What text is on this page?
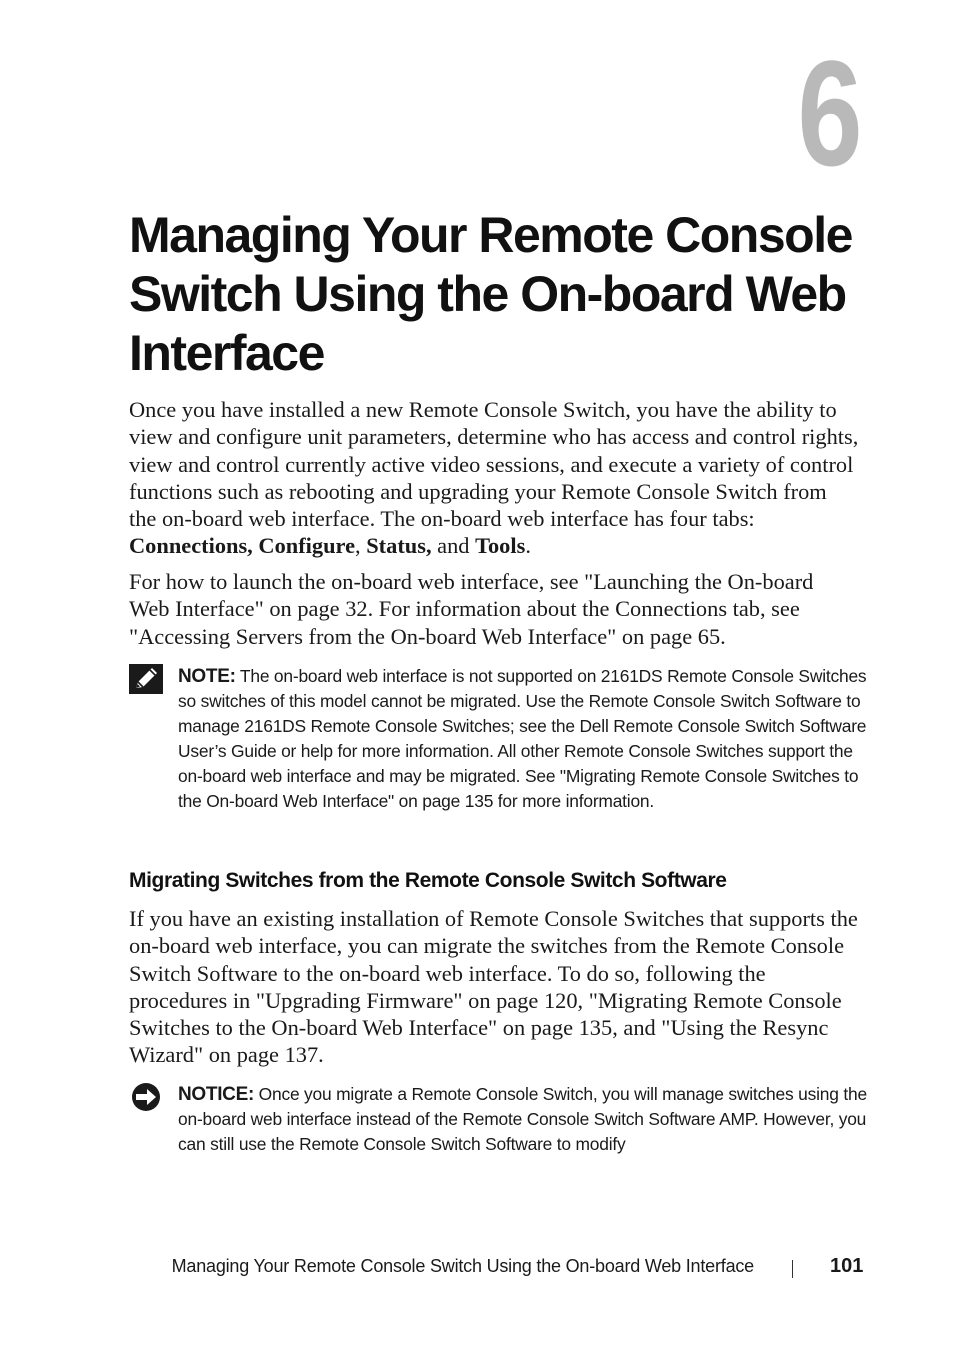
6
Managing Your Remote Console Switch Using the On-board Web Interface

Once you have installed a new Remote Console Switch, you have the ability to view and configure unit parameters, determine who has access and control rights, view and control currently active video sessions, and execute a variety of control functions such as rebooting and upgrading your Remote Console Switch from the on-board web interface. The on-board web interface has four tabs: Connections, Configure, Status, and Tools.

For how to launch the on-board web interface, see "Launching the On-board Web Interface" on page 32. For information about the Connections tab, see "Accessing Servers from the On-board Web Interface" on page 65.

NOTE: The on-board web interface is not supported on 2161DS Remote Console Switches so switches of this model cannot be migrated. Use the Remote Console Switch Software to manage 2161DS Remote Console Switches; see the Dell Remote Console Switch Software User’s Guide or help for more information. All other Remote Console Switches support the on-board web interface and may be migrated. See "Migrating Remote Console Switches to the On-board Web Interface" on page 135 for more information.

Migrating Switches from the Remote Console Switch Software

If you have an existing installation of Remote Console Switches that supports the on-board web interface, you can migrate the switches from the Remote Console Switch Software to the on-board web interface. To do so, following the procedures in "Upgrading Firmware" on page 120, "Migrating Remote Console Switches to the On-board Web Interface" on page 135, and "Using the Resync Wizard" on page 137.

NOTICE: Once you migrate a Remote Console Switch, you will manage switches using the on-board web interface instead of the Remote Console Switch Software AMP. However, you can still use the Remote Console Switch Software to modify

Managing Your Remote Console Switch Using the On-board Web Interface	101
